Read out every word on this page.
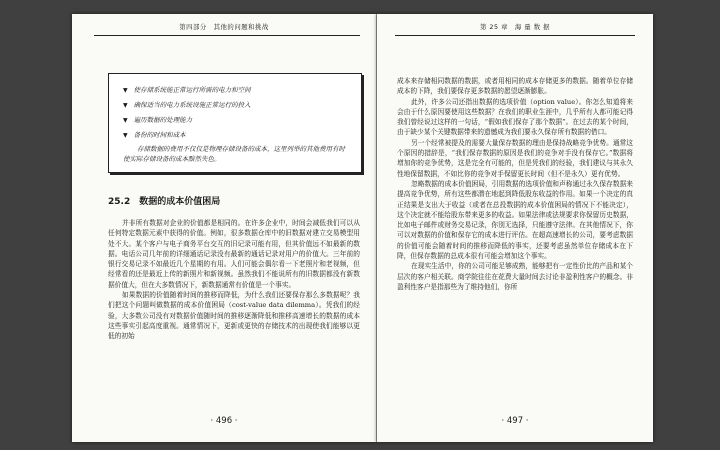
第四部分　其他的问题和挑战
▼ 使存储系统能正常运行所需的电力和空间
▼ 确保适当的电力系统设施正常运行的投入
▼ 遍历数据的处理能力
▼ 备份的时间和成本

存储数据的费用不仅仅是物理存储设备的成本，这里列举的其他费用有时使实际存储设备的成本黯然失色。

25.2　数据的成本价值困局

并非所有数据对企业的价值都是相同的。在许多企业中，时间会减低我们可以从任何特定数据元素中获得的价值。例如，很多数据仓库中的旧数据对建立交易模型用处不大。某个客户与电子商务平台交互的旧记录可能有用，但其价值远不如最新的数据。电话公司几年前的详细通话记录没有最新的通话记录对用户的价值大。三年前的银行交易记录不如最近几个星期的有用。人们可能会偶尔看一下老照片和老视频，但经常看的还是最近上传的新照片和新视频。虽然我们不能说所有的旧数据都没有新数据价值大，但在大多数情况下，新数据通常有价值是一个事实。

如果数据的价值随着时间的推移而降低，为什么我们还要保存那么多数据呢？我们把这个问题叫做数据的成本价值困局（cost-value data dilemma）。凭我们的经验，大多数公司没有对数据价值随时间的推移逐渐降低和推移高速增长的数据的成本这些事实引起高度重视。通常情况下，更新或更快的存储技术的出现使我们能够以更低的初始

· 496 ·
第 25 章　海 量 数 据

成本来存储相同数据的数据，或者用相同的成本存储更多的数据。随着单位存储成本的下降，我们要保存更多数据的愿望逐渐膨胀。

此外，许多公司还指出数据的选项价值（option value）。你怎么知道将来会由于什么原因要使用这些数据？在我们的职业生涯中，几乎所有人都可能记得我们曾经说过这样的一句话，“假如我们保存了那个数据”。在过去的某个时间，由于缺少某个关键数据带来的遗憾成为我们要永久保存所有数据的借口。

另一个经常被提及的需要大量保存数据的理由是保持战略竞争优势。通常这个原因的措辞是，“我们保存数据的原因是我们的竞争对手没有保存它。”数据将增加你的竞争优势，这是完全有可能的，但是凭我们的经验，我们建议与其永久性地保留数据，不如比你的竞争对手保留更长时间（但不是永久）更有优势。

忽略数据的成本价值困局，引用数据的选项价值和声称通过永久保存数据来提高竞争优势，所有这些都潜在地起到降低股东收益的作用。如果一个决定的真正结果是支出大于收益（或者在总投数据的成本价值困局的情况下不能决定），这个决定就不能给股东带来更多的收益。如果法律或法规要求你保留历史数据，比如电子邮件或财务交易记录，你别无选择，只能遵守法律。在其他情况下，你可以对数据的价值和保存它的成本进行评估。在超高速增长的公司，要考虑数据的价值可能会随着时间的推移而降低的事实，还要考虑虽然单位存储成本在下降，但保存数据的总成本很有可能会增加这个事实。

在现实生活中，你的公司可能足够成熟，能够把有一定性价比的产品和某个层次的客户相关联。商学院往往在花费大量时间去讨论非盈利性客户的概念。非盈利性客户是指那些为了维持他们，你所

· 497 ·
